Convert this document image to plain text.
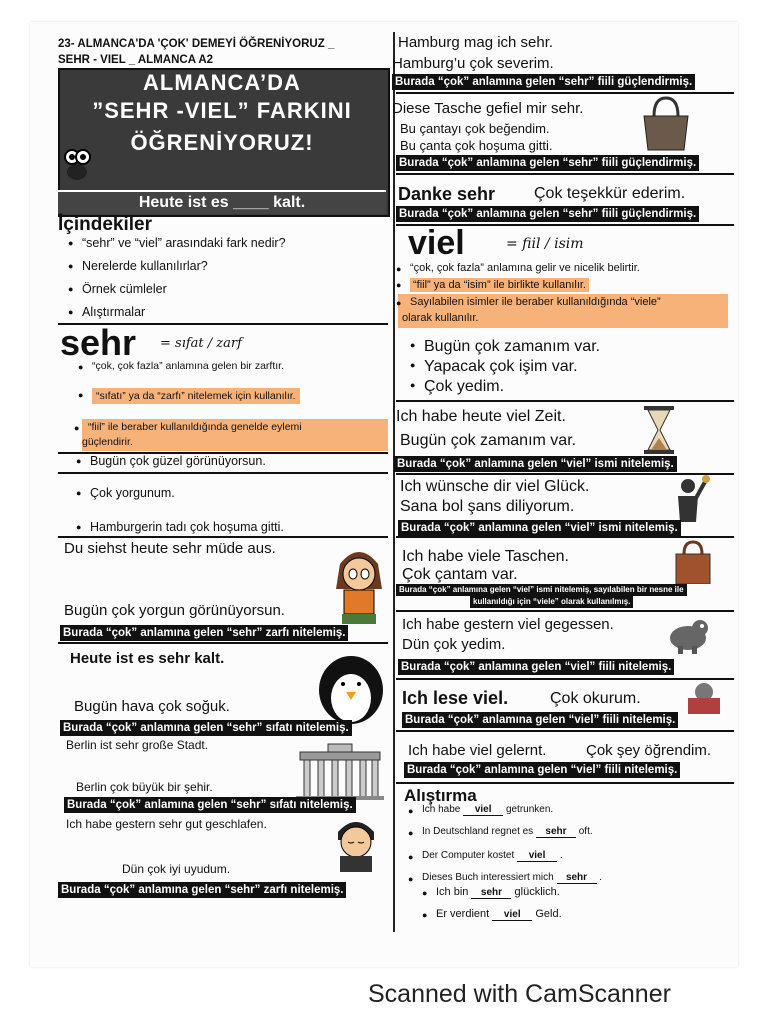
23- ALMANCA'DA 'ÇOK' DEMEYİ ÖĞRENİYORUZ _
SEHR - VIEL _ ALMANCA A2
ALMANCA’DA
”SEHR -VIEL” FARKINI
ÖĞRENİYORUZ!
Heute ist es ____ kalt.
İçindekiler
● “sehr” ve “viel” arasındaki fark nedir?
● Nerelerde kullanılırlar?
● Örnek cümleler
● Alıştırmalar
sehr = sıfat / zarf
● “çok, çok fazla” anlamına gelen bir zarftır.
● “sıfatı” ya da “zarfı” nitelemek için kullanılır.
● “fiil” ile beraber kullanıldığında genelde eylemi
güçlendirir.
● Bugün çok güzel görünüyorsun.
● Çok yorgunum.
● Hamburgerin tadı çok hoşuma gitti.
Du siehst heute sehr müde aus.
Bugün çok yorgun görünüyorsun.
Burada “çok” anlamına gelen “sehr” zarfı nitelemiş.
Heute ist es sehr kalt.
Bugün hava çok soğuk.
Burada “çok” anlamına gelen “sehr” sıfatı nitelemiş.
Berlin ist sehr große Stadt.
Berlin çok büyük bir şehir.
Burada “çok” anlamına gelen “sehr” sıfatı nitelemiş.
Ich habe gestern sehr gut geschlafen.
Dün çok iyi uyudum.
Burada “çok” anlamına gelen “sehr” zarfı nitelemiş.
Hamburg mag ich sehr.
Hamburg’u çok severim.
Burada “çok” anlamına gelen “sehr” fiili güçlendirmiş.
Diese Tasche gefiel mir sehr.
Bu çantayı çok beğendim.
Bu çanta çok hoşuma gitti.
Burada “çok” anlamına gelen “sehr” fiili güçlendirmiş.
Danke sehr Çok teşekkür ederim.
Burada “çok” anlamına gelen “sehr” fiili güçlendirmiş.
viel	= fiil / isim
● “çok, çok fazla” anlamına gelir ve nicelik belirtir.
● “fiil” ya da “isim” ile birlikte kullanılır.
● Sayılabilen isimler ile beraber kullanıldığında “viele”
olarak kullanılır.
● Bugün çok zamanım var.
● Yapacak çok işim var.
● Çok yedim.
Ich habe heute viel Zeit.
Bugün çok zamanım var.
Burada “çok” anlamına gelen “viel” ismi nitelemiş.
Ich wünsche dir viel Glück.
Sana bol şans diliyorum.
Burada “çok” anlamına gelen “viel” ismi nitelemiş.
Ich habe viele Taschen.
Çok çantam var.
Burada “çok” anlamına gelen “viel” ismi nitelemiş, sayılabilen bir nesne ile
kullanıldığı için “viele” olarak kullanılmış.
Ich habe gestern viel gegessen.
Dün çok yedim.
Burada “çok” anlamına gelen “viel” fiili nitelemiş.
Ich lese viel.	Çok okurum.
Burada “çok” anlamına gelen “viel” fiili nitelemiş.
Ich habe viel gelernt.	Çok şey öğrendim.
Burada “çok” anlamına gelen “viel” fiili nitelemiş.
Alıştırma
● Ich habe viel getrunken.
● In Deutschland regnet es sehr oft.
● Der Computer kostet viel .
● Dieses Buch interessiert mich sehr .
● Ich bin sehr glücklich.
● Er verdient viel Geld.
Scanned with CamScanner
